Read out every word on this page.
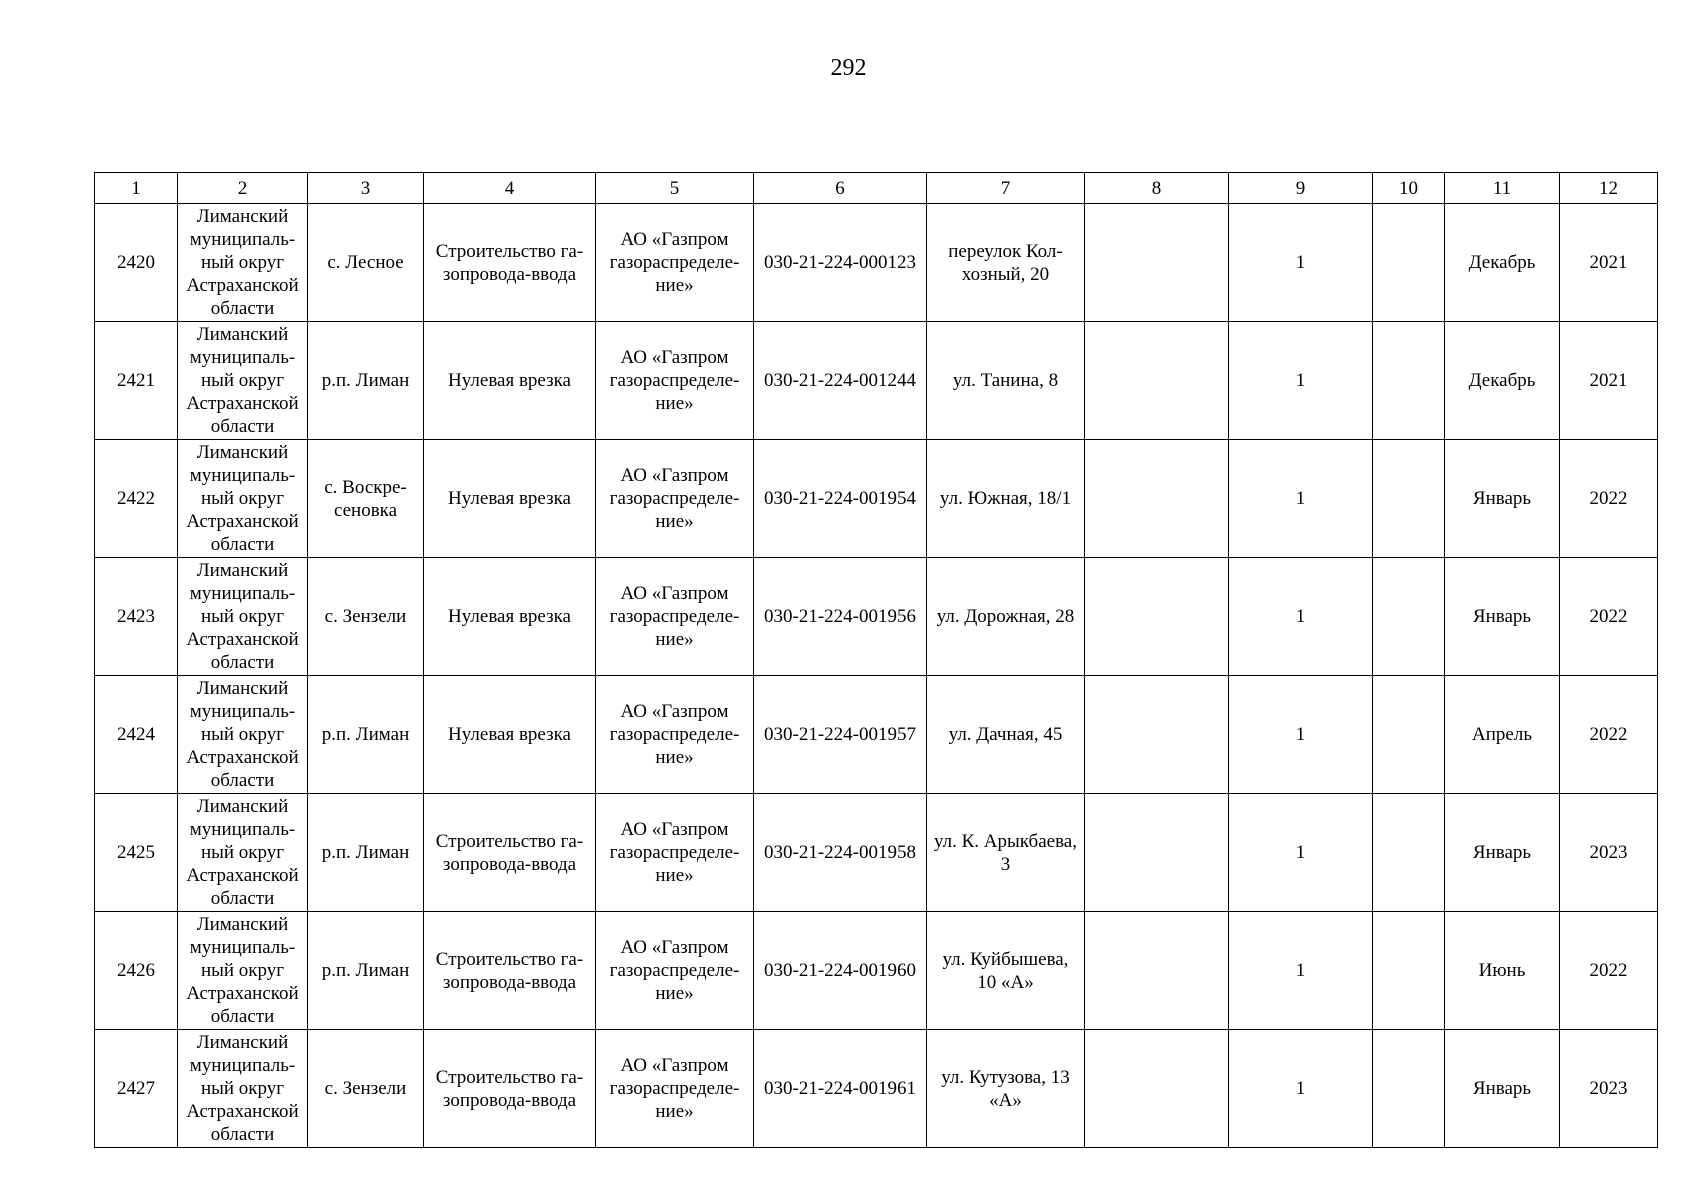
292
1	2	3	4	5	6	7	8	9	10	11	12
2420	Лиманский
муниципаль-
ный округ
Астраханской
области	с. Лесное	Строительство га-
зопровода-ввода	АО «Газпром
газораспределе-
ние»	030-21-224-000123	переулок Кол-
хозный, 20		1		Декабрь	2021
2421	Лиманский
муниципаль-
ный округ
Астраханской
области	р.п. Лиман	Нулевая врезка	АО «Газпром
газораспределе-
ние»	030-21-224-001244	ул. Танина, 8		1		Декабрь	2021
2422	Лиманский
муниципаль-
ный округ
Астраханской
области	с. Воскре-
сеновка	Нулевая врезка	АО «Газпром
газораспределе-
ние»	030-21-224-001954	ул. Южная, 18/1		1		Январь	2022
2423	Лиманский
муниципаль-
ный округ
Астраханской
области	с. Зензели	Нулевая врезка	АО «Газпром
газораспределе-
ние»	030-21-224-001956	ул. Дорожная, 28		1		Январь	2022
2424	Лиманский
муниципаль-
ный округ
Астраханской
области	р.п. Лиман	Нулевая врезка	АО «Газпром
газораспределе-
ние»	030-21-224-001957	ул. Дачная, 45		1		Апрель	2022
2425	Лиманский
муниципаль-
ный округ
Астраханской
области	р.п. Лиман	Строительство га-
зопровода-ввода	АО «Газпром
газораспределе-
ние»	030-21-224-001958	ул. К. Арыкбаева,
3		1		Январь	2023
2426	Лиманский
муниципаль-
ный округ
Астраханской
области	р.п. Лиман	Строительство га-
зопровода-ввода	АО «Газпром
газораспределе-
ние»	030-21-224-001960	ул. Куйбышева,
10 «А»		1		Июнь	2022
2427	Лиманский
муниципаль-
ный округ
Астраханской
области	с. Зензели	Строительство га-
зопровода-ввода	АО «Газпром
газораспределе-
ние»	030-21-224-001961	ул. Кутузова, 13
«А»		1		Январь	2023
